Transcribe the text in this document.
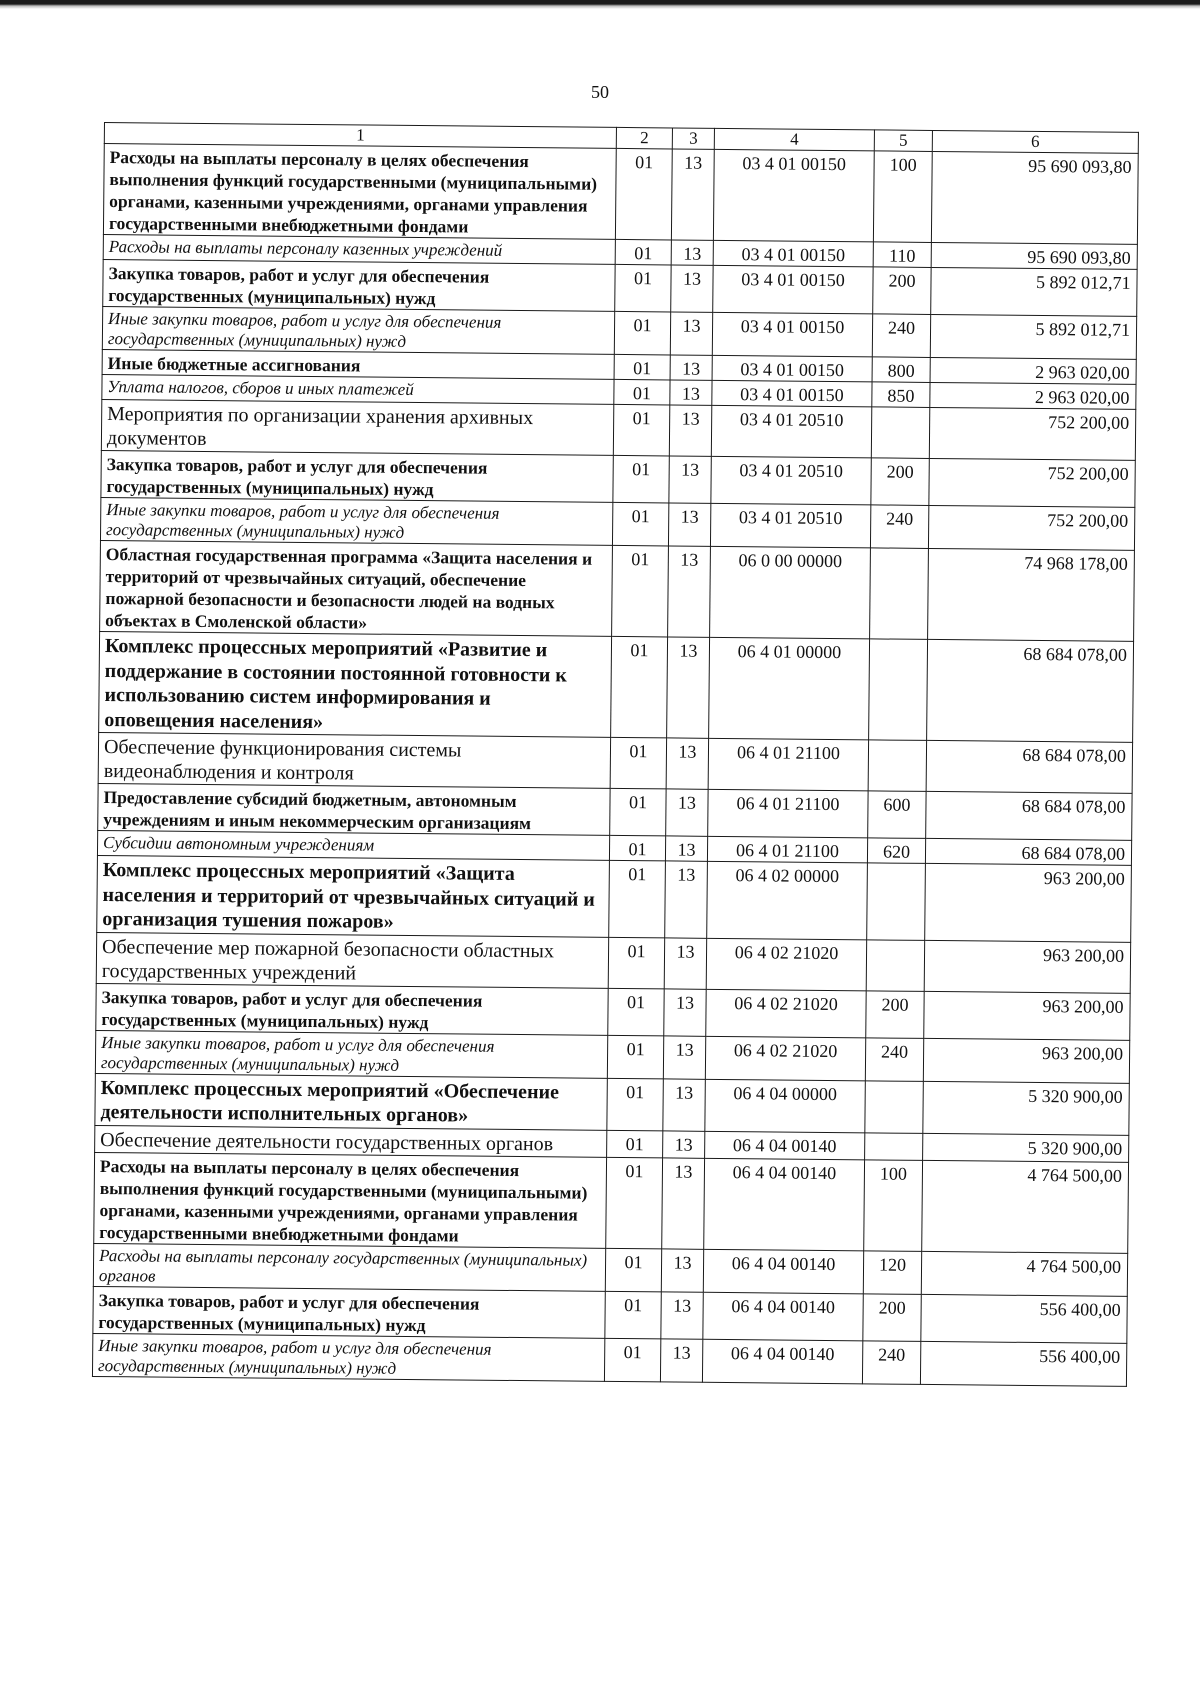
50
1	2	3	4	5	6
Расходы на выплаты персоналу в целях обеспечения выполнения функций государственными (муниципальными) органами, казенными учреждениями, органами управления государственными внебюджетными фондами	01	13	03 4 01 00150	100	95 690 093,80
Расходы на выплаты персоналу казенных учреждений	01	13	03 4 01 00150	110	95 690 093,80
Закупка товаров, работ и услуг для обеспечения государственных (муниципальных) нужд	01	13	03 4 01 00150	200	5 892 012,71
Иные закупки товаров, работ и услуг для обеспечения государственных (муниципальных) нужд	01	13	03 4 01 00150	240	5 892 012,71
Иные бюджетные ассигнования	01	13	03 4 01 00150	800	2 963 020,00
Уплата налогов, сборов и иных платежей	01	13	03 4 01 00150	850	2 963 020,00
Мероприятия по организации хранения архивных документов	01	13	03 4 01 20510		752 200,00
Закупка товаров, работ и услуг для обеспечения государственных (муниципальных) нужд	01	13	03 4 01 20510	200	752 200,00
Иные закупки товаров, работ и услуг для обеспечения государственных (муниципальных) нужд	01	13	03 4 01 20510	240	752 200,00
Областная государственная программа «Защита населения и территорий от чрезвычайных ситуаций, обеспечение пожарной безопасности и безопасности людей на водных объектах в Смоленской области»	01	13	06 0 00 00000		74 968 178,00
Комплекс процессных мероприятий «Развитие и поддержание в состоянии постоянной готовности к использованию систем информирования и оповещения населения»	01	13	06 4 01 00000		68 684 078,00
Обеспечение функционирования системы видеонаблюдения и контроля	01	13	06 4 01 21100		68 684 078,00
Предоставление субсидий бюджетным, автономным учреждениям и иным некоммерческим организациям	01	13	06 4 01 21100	600	68 684 078,00
Субсидии автономным учреждениям	01	13	06 4 01 21100	620	68 684 078,00
Комплекс процессных мероприятий «Защита населения и территорий от чрезвычайных ситуаций и организация тушения пожаров»	01	13	06 4 02 00000		963 200,00
Обеспечение мер пожарной безопасности областных государственных учреждений	01	13	06 4 02 21020		963 200,00
Закупка товаров, работ и услуг для обеспечения государственных (муниципальных) нужд	01	13	06 4 02 21020	200	963 200,00
Иные закупки товаров, работ и услуг для обеспечения государственных (муниципальных) нужд	01	13	06 4 02 21020	240	963 200,00
Комплекс процессных мероприятий «Обеспечение деятельности исполнительных органов»	01	13	06 4 04 00000		5 320 900,00
Обеспечение деятельности государственных органов	01	13	06 4 04 00140		5 320 900,00
Расходы на выплаты персоналу в целях обеспечения выполнения функций государственными (муниципальными) органами, казенными учреждениями, органами управления государственными внебюджетными фондами	01	13	06 4 04 00140	100	4 764 500,00
Расходы на выплаты персоналу государственных (муниципальных) органов	01	13	06 4 04 00140	120	4 764 500,00
Закупка товаров, работ и услуг для обеспечения государственных (муниципальных) нужд	01	13	06 4 04 00140	200	556 400,00
Иные закупки товаров, работ и услуг для обеспечения государственных (муниципальных) нужд	01	13	06 4 04 00140	240	556 400,00
